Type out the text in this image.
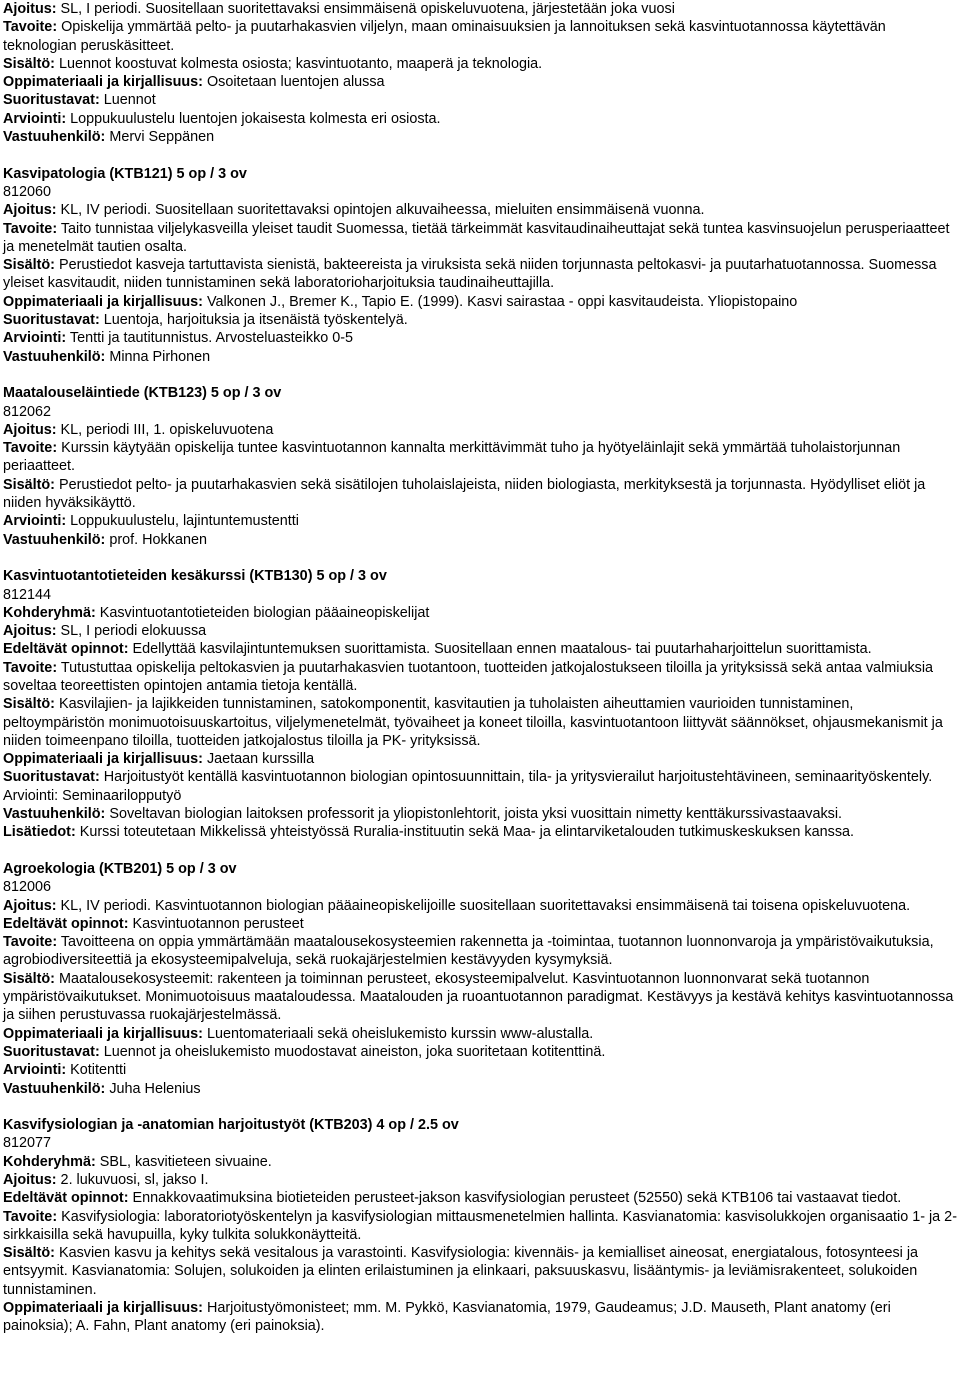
Ajoitus: SL, I periodi. Suositellaan suoritettavaksi ensimmäisenä opiskeluvuotena, järjestetään joka vuosi

Tavoite: Opiskelija ymmärtää pelto- ja puutarhakasvien viljelyn, maan ominaisuuksien ja lannoituksen sekä kasvintuotannossa käytettävän teknologian peruskäsitteet.

Sisältö: Luennot koostuvat kolmesta osiosta; kasvintuotanto, maaperä ja teknologia.

Oppimateriaali ja kirjallisuus: Osoitetaan luentojen alussa

Suoritustavat: Luennot

Arviointi: Loppukuulustelu luentojen jokaisesta kolmesta eri osiosta.

Vastuuhenkilö: Mervi Seppänen

Kasvipatologia (KTB121) 5 op / 3 ov

812060

Ajoitus: KL, IV periodi. Suositellaan suoritettavaksi opintojen alkuvaiheessa, mieluiten ensimmäisenä vuonna.

Tavoite: Taito tunnistaa viljelykasveilla yleiset taudit Suomessa, tietää tärkeimmät kasvitaudinaiheuttajat sekä tuntea kasvinsuojelun perusperiaatteet ja menetelmät tautien osalta.

Sisältö: Perustiedot kasveja tartuttavista sienistä, bakteereista ja viruksista sekä niiden torjunnasta peltokasvi- ja puutarhatuotannossa. Suomessa yleiset kasvitaudit, niiden tunnistaminen sekä laboratorioharjoituksia taudinaiheuttajilla.

Oppimateriaali ja kirjallisuus: Valkonen J., Bremer K., Tapio E. (1999). Kasvi sairastaa - oppi kasvitaudeista. Yliopistopaino

Suoritustavat: Luentoja, harjoituksia ja itsenäistä työskentelyä.

Arviointi: Tentti ja tautitunnistus. Arvosteluasteikko 0-5

Vastuuhenkilö: Minna Pirhonen

Maatalouseläintiede (KTB123) 5 op / 3 ov

812062

Ajoitus: KL, periodi III, 1. opiskeluvuotena

Tavoite: Kurssin käytyään opiskelija tuntee kasvintuotannon kannalta merkittävimmät tuho ja hyötyeläinlajit sekä ymmärtää tuholaistorjunnan periaatteet.

Sisältö: Perustiedot pelto- ja puutarhakasvien sekä sisätilojen tuholaislajeista, niiden biologiasta, merkityksestä ja torjunnasta. Hyödylliset eliöt ja niiden hyväksikäyttö.

Arviointi: Loppukuulustelu, lajintuntemustentti

Vastuuhenkilö: prof. Hokkanen

Kasvintuotantotieteiden kesäkurssi (KTB130) 5 op / 3 ov

812144

Kohderyhmä: Kasvintuotantotieteiden biologian pääaineopiskelijat

Ajoitus: SL, I periodi elokuussa

Edeltävät opinnot: Edellyttää kasvilajintuntemuksen suorittamista. Suositellaan ennen maatalous- tai puutarhaharjoittelun suorittamista.

Tavoite: Tutustuttaa opiskelija peltokasvien ja puutarhakasvien tuotantoon, tuotteiden jatkojalostukseen tiloilla ja yrityksissä sekä antaa valmiuksia soveltaa teoreettisten opintojen antamia tietoja kentällä.

Sisältö: Kasvilajien- ja lajikkeiden tunnistaminen, satokomponentit, kasvitautien ja tuholaisten aiheuttamien vaurioiden tunnistaminen, peltoympäristön monimuotoisuuskartoitus, viljelymenetelmät, työvaiheet ja koneet tiloilla, kasvintuotantoon liittyvät säännökset, ohjausmekanismit ja niiden toimeenpano tiloilla, tuotteiden jatkojalostus tiloilla ja PK- yrityksissä.

Oppimateriaali ja kirjallisuus: Jaetaan kurssilla

Suoritustavat: Harjoitustyöt kentällä kasvintuotannon biologian opintosuunnittain, tila- ja yritysvierailut harjoitustehtävineen, seminaarityöskentely. Arviointi: Seminaarilopputyö

Vastuuhenkilö: Soveltavan biologian laitoksen professorit ja yliopistonlehtorit, joista yksi vuosittain nimetty kenttäkurssivastaavaksi.

Lisätiedot: Kurssi toteutetaan Mikkelissä yhteistyössä Ruralia-instituutin sekä Maa- ja elintarviketalouden tutkimuskeskuksen kanssa.

Agroekologia (KTB201) 5 op / 3 ov

812006

Ajoitus: KL, IV periodi. Kasvintuotannon biologian pääaineopiskelijoille suositellaan suoritettavaksi ensimmäisenä tai toisena opiskeluvuotena.

Edeltävät opinnot: Kasvintuotannon perusteet

Tavoite: Tavoitteena on oppia ymmärtämään maatalousekosysteemien rakennetta ja -toimintaa, tuotannon luonnonvaroja ja ympäristövaikutuksia, agrobiodiversiteettiä ja ekosysteemipalveluja, sekä ruokajärjestelmien kestävyyden kysymyksiä.

Sisältö: Maatalousekosysteemit: rakenteen ja toiminnan perusteet, ekosysteemipalvelut. Kasvintuotannon luonnonvarat sekä tuotannon ympäristövaikutukset. Monimuotoisuus maataloudessa. Maatalouden ja ruoantuotannon paradigmat. Kestävyys ja kestävä kehitys kasvintuotannossa ja siihen perustuvassa ruokajärjestelmässä.

Oppimateriaali ja kirjallisuus: Luentomateriaali sekä oheislukemisto kurssin www-alustalla.

Suoritustavat: Luennot ja oheislukemisto muodostavat aineiston, joka suoritetaan kotitenttinä.

Arviointi: Kotitentti

Vastuuhenkilö: Juha Helenius

Kasvifysiologian ja -anatomian harjoitustyöt (KTB203) 4 op / 2.5 ov

812077

Kohderyhmä: SBL, kasvitieteen sivuaine.

Ajoitus: 2. lukuvuosi, sl, jakso I.

Edeltävät opinnot: Ennakkovaatimuksina biotieteiden perusteet-jakson kasvifysiologian perusteet (52550) sekä KTB106 tai vastaavat tiedot.

Tavoite: Kasvifysiologia: laboratoriotyöskentelyn ja kasvifysiologian mittausmenetelmien hallinta. Kasvianatomia: kasvisolukkojen organisaatio 1- ja 2-sirkkaisilla sekä havupuilla, kyky tulkita solukkonäytteitä.

Sisältö: Kasvien kasvu ja kehitys sekä vesitalous ja varastointi. Kasvifysiologia: kivennäis- ja kemialliset aineosat, energiatalous, fotosynteesi ja entsyymit. Kasvianatomia: Solujen, solukoiden ja elinten erilaistuminen ja elinkaari, paksuuskasvu, lisääntymis- ja leviämisrakenteet, solukoiden tunnistaminen.

Oppimateriaali ja kirjallisuus: Harjoitustyömonisteet; mm. M. Pykkö, Kasvianatomia, 1979, Gaudeamus; J.D. Mauseth, Plant anatomy (eri painoksia); A. Fahn, Plant anatomy (eri painoksia).
